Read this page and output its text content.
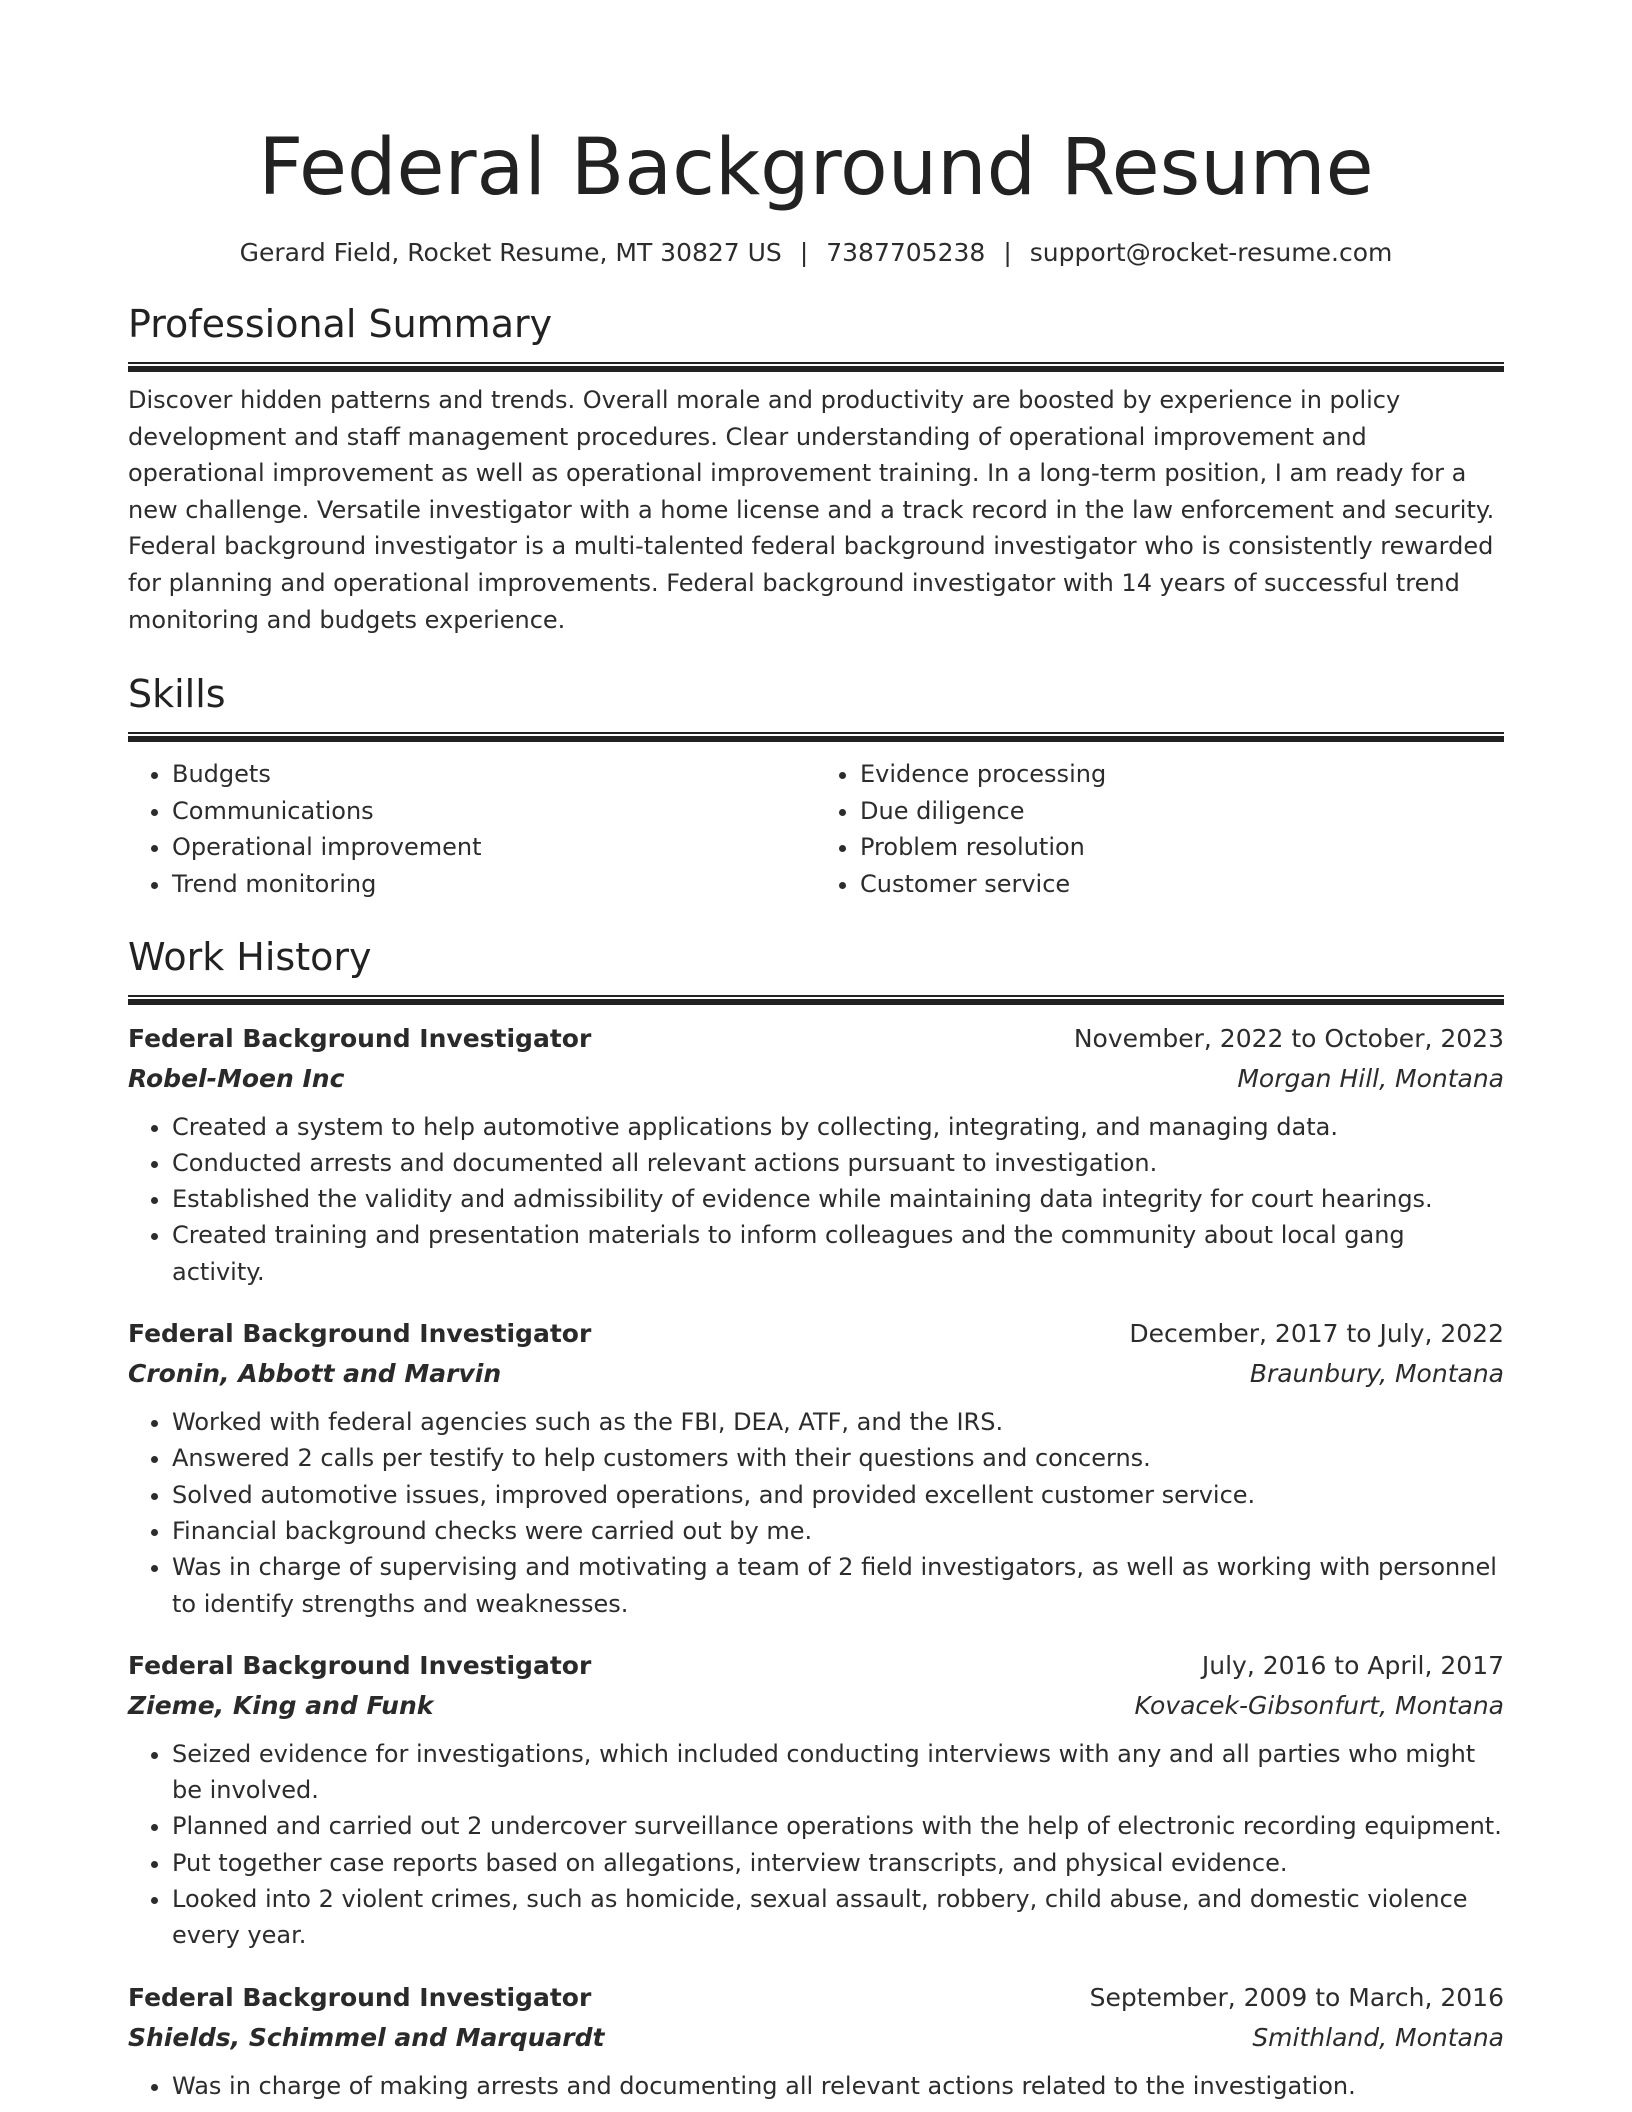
Federal Background Resume
Gerard Field, Rocket Resume, MT 30827 US | 7387705238 | support@rocket-resume.com
Professional Summary
Discover hidden patterns and trends. Overall morale and productivity are boosted by experience in policy development and staff management procedures. Clear understanding of operational improvement and operational improvement as well as operational improvement training. In a long-term position, I am ready for a new challenge. Versatile investigator with a home license and a track record in the law enforcement and security. Federal background investigator is a multi-talented federal background investigator who is consistently rewarded for planning and operational improvements. Federal background investigator with 14 years of successful trend monitoring and budgets experience.
Skills
• Budgets
• Communications
• Operational improvement
• Trend monitoring
• Evidence processing
• Due diligence
• Problem resolution
• Customer service
Work History
Federal Background Investigator	November, 2022 to October, 2023
Robel-Moen Inc	Morgan Hill, Montana
• Created a system to help automotive applications by collecting, integrating, and managing data.
• Conducted arrests and documented all relevant actions pursuant to investigation.
• Established the validity and admissibility of evidence while maintaining data integrity for court hearings.
• Created training and presentation materials to inform colleagues and the community about local gang activity.
Federal Background Investigator	December, 2017 to July, 2022
Cronin, Abbott and Marvin	Braunbury, Montana
• Worked with federal agencies such as the FBI, DEA, ATF, and the IRS.
• Answered 2 calls per testify to help customers with their questions and concerns.
• Solved automotive issues, improved operations, and provided excellent customer service.
• Financial background checks were carried out by me.
• Was in charge of supervising and motivating a team of 2 field investigators, as well as working with personnel to identify strengths and weaknesses.
Federal Background Investigator	July, 2016 to April, 2017
Zieme, King and Funk	Kovacek-Gibsonfurt, Montana
• Seized evidence for investigations, which included conducting interviews with any and all parties who might be involved.
• Planned and carried out 2 undercover surveillance operations with the help of electronic recording equipment.
• Put together case reports based on allegations, interview transcripts, and physical evidence.
• Looked into 2 violent crimes, such as homicide, sexual assault, robbery, child abuse, and domestic violence every year.
Federal Background Investigator	September, 2009 to March, 2016
Shields, Schimmel and Marquardt	Smithland, Montana
• Was in charge of making arrests and documenting all relevant actions related to the investigation.
